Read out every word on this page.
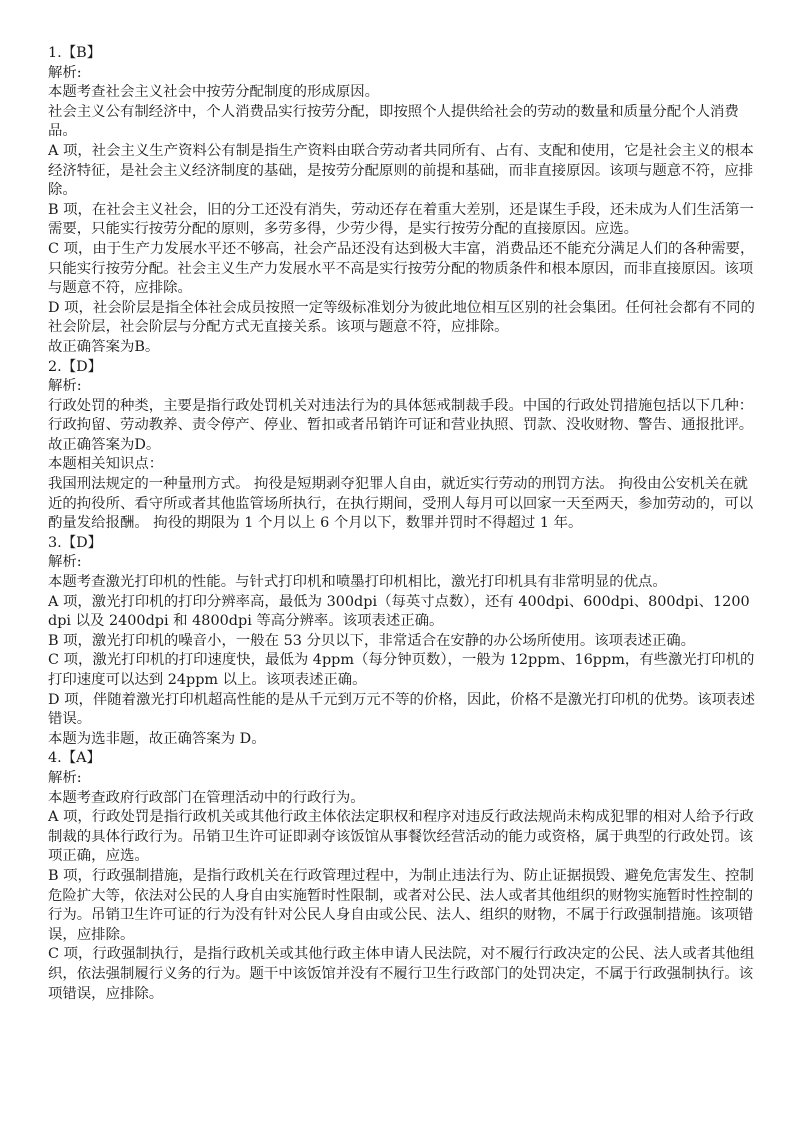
1.【B】

解析:

本题考查社会主义社会中按劳分配制度的形成原因。

社会主义公有制经济中，个人消费品实行按劳分配，即按照个人提供给社会的劳动的数量和质量分配个人消费品。

A 项，社会主义生产资料公有制是指生产资料由联合劳动者共同所有、占有、支配和使用，它是社会主义的根本经济特征，是社会主义经济制度的基础，是按劳分配原则的前提和基础，而非直接原因。该项与题意不符，应排除。

B 项，在社会主义社会，旧的分工还没有消失，劳动还存在着重大差别，还是谋生手段，还未成为人们生活第一需要，只能实行按劳分配的原则，多劳多得，少劳少得，是实行按劳分配的直接原因。应选。

C 项，由于生产力发展水平还不够高，社会产品还没有达到极大丰富，消费品还不能充分满足人们的各种需要，只能实行按劳分配。社会主义生产力发展水平不高是实行按劳分配的物质条件和根本原因，而非直接原因。该项与题意不符，应排除。

D 项，社会阶层是指全体社会成员按照一定等级标准划分为彼此地位相互区别的社会集团。任何社会都有不同的社会阶层，社会阶层与分配方式无直接关系。该项与题意不符，应排除。

故正确答案为B。

2.【D】

解析:

行政处罚的种类，主要是指行政处罚机关对违法行为的具体惩戒制裁手段。中国的行政处罚措施包括以下几种：行政拘留、劳动教养、责令停产、停业、暂扣或者吊销许可证和营业执照、罚款、没收财物、警告、通报批评。

故正确答案为D。

本题相关知识点：

我国刑法规定的一种量刑方式。 拘役是短期剥夺犯罪人自由，就近实行劳动的刑罚方法。 拘役由公安机关在就近的拘役所、看守所或者其他监管场所执行，在执行期间，受刑人每月可以回家一天至两天，参加劳动的，可以酌量发给报酬。 拘役的期限为 1 个月以上 6 个月以下，数罪并罚时不得超过 1 年。

3.【D】

解析:

本题考查激光打印机的性能。与针式打印机和喷墨打印机相比，激光打印机具有非常明显的优点。

A 项，激光打印机的打印分辨率高，最低为 300dpi（每英寸点数），还有 400dpi、600dpi、800dpi、1200dpi 以及 2400dpi 和 4800dpi 等高分辨率。该项表述正确。

B 项，激光打印机的噪音小，一般在 53 分贝以下，非常适合在安静的办公场所使用。该项表述正确。

C 项，激光打印机的打印速度快，最低为 4ppm（每分钟页数），一般为 12ppm、16ppm，有些激光打印机的打印速度可以达到 24ppm 以上。该项表述正确。

D 项，伴随着激光打印机超高性能的是从千元到万元不等的价格，因此，价格不是激光打印机的优势。该项表述错误。

本题为选非题，故正确答案为 D。

4.【A】

解析:

本题考查政府行政部门在管理活动中的行政行为。

A 项，行政处罚是指行政机关或其他行政主体依法定职权和程序对违反行政法规尚未构成犯罪的相对人给予行政制裁的具体行政行为。吊销卫生许可证即剥夺该饭馆从事餐饮经营活动的能力或资格，属于典型的行政处罚。该项正确，应选。

B 项，行政强制措施，是指行政机关在行政管理过程中，为制止违法行为、防止证据损毁、避免危害发生、控制危险扩大等，依法对公民的人身自由实施暂时性限制，或者对公民、法人或者其他组织的财物实施暂时性控制的行为。吊销卫生许可证的行为没有针对公民人身自由或公民、法人、组织的财物，不属于行政强制措施。该项错误，应排除。

C 项，行政强制执行，是指行政机关或其他行政主体申请人民法院，对不履行行政决定的公民、法人或者其他组织，依法强制履行义务的行为。题干中该饭馆并没有不履行卫生行政部门的处罚决定，不属于行政强制执行。该项错误，应排除。
